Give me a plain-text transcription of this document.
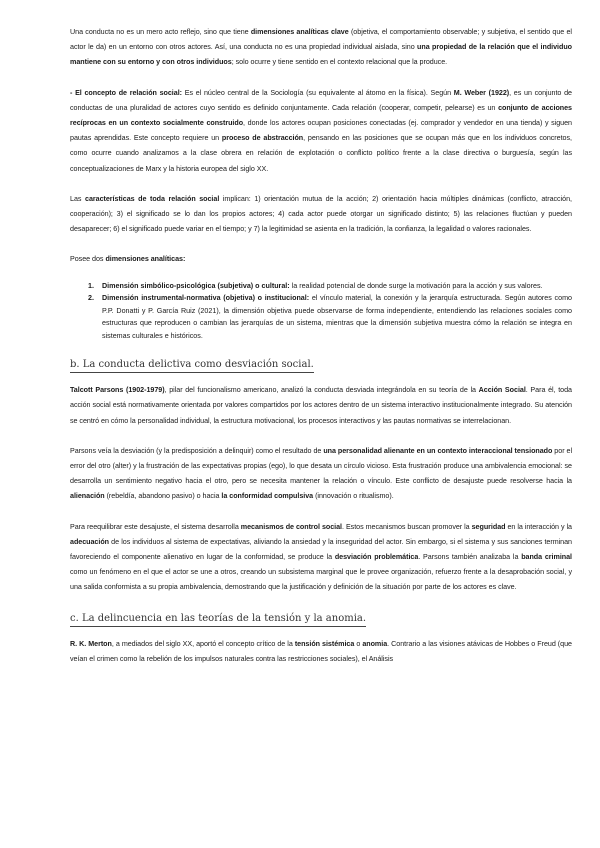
Una conducta no es un mero acto reflejo, sino que tiene dimensiones analíticas clave (objetiva, el comportamiento observable; y subjetiva, el sentido que el actor le da) en un entorno con otros actores. Así, una conducta no es una propiedad individual aislada, sino una propiedad de la relación que el individuo mantiene con su entorno y con otros individuos; solo ocurre y tiene sentido en el contexto relacional que la produce.

- El concepto de relación social: Es el núcleo central de la Sociología (su equivalente al átomo en la física). Según M. Weber (1922), es un conjunto de conductas de una pluralidad de actores cuyo sentido es definido conjuntamente. Cada relación (cooperar, competir, pelearse) es un conjunto de acciones recíprocas en un contexto socialmente construido, donde los actores ocupan posiciones conectadas (ej. comprador y vendedor en una tienda) y siguen pautas aprendidas. Este concepto requiere un proceso de abstracción, pensando en las posiciones que se ocupan más que en los individuos concretos, como ocurre cuando analizamos a la clase obrera en relación de explotación o conflicto político frente a la clase directiva o burguesía, según las conceptualizaciones de Marx y la historia europea del siglo XX.

Las características de toda relación social implican: 1) orientación mutua de la acción; 2) orientación hacia múltiples dinámicas (conflicto, atracción, cooperación); 3) el significado se lo dan los propios actores; 4) cada actor puede otorgar un significado distinto; 5) las relaciones fluctúan y pueden desaparecer; 6) el significado puede variar en el tiempo; y 7) la legitimidad se asienta en la tradición, la confianza, la legalidad o valores racionales.

Posee dos dimensiones analíticas:

1. Dimensión simbólico-psicológica (subjetiva) o cultural: la realidad potencial de donde surge la motivación para la acción y sus valores.
2. Dimensión instrumental-normativa (objetiva) o institucional: el vínculo material, la conexión y la jerarquía estructurada. Según autores como P.P. Donatti y P. García Ruiz (2021), la dimensión objetiva puede observarse de forma independiente, entendiendo las relaciones sociales como estructuras que reproducen o cambian las jerarquías de un sistema, mientras que la dimensión subjetiva muestra cómo la relación se integra en sistemas culturales e históricos.
b. La conducta delictiva como desviación social.

Talcott Parsons (1902-1979), pilar del funcionalismo americano, analizó la conducta desviada integrándola en su teoría de la Acción Social. Para él, toda acción social está normativamente orientada por valores compartidos por los actores dentro de un sistema interactivo institucionalmente integrado. Su atención se centró en cómo la personalidad individual, la estructura motivacional, los procesos interactivos y las pautas normativas se interrelacionan.

Parsons veía la desviación (y la predisposición a delinquir) como el resultado de una personalidad alienante en un contexto interaccional tensionado por el error del otro (alter) y la frustración de las expectativas propias (ego), lo que desata un círculo vicioso. Esta frustración produce una ambivalencia emocional: se desarrolla un sentimiento negativo hacia el otro, pero se necesita mantener la relación o vínculo. Este conflicto de desajuste puede resolverse hacia la alienación (rebeldía, abandono pasivo) o hacia la conformidad compulsiva (innovación o ritualismo).

Para reequilibrar este desajuste, el sistema desarrolla mecanismos de control social. Estos mecanismos buscan promover la seguridad en la interacción y la adecuación de los individuos al sistema de expectativas, aliviando la ansiedad y la inseguridad del actor. Sin embargo, si el sistema y sus sanciones terminan favoreciendo el componente alienativo en lugar de la conformidad, se produce la desviación problemática. Parsons también analizaba la banda criminal como un fenómeno en el que el actor se une a otros, creando un subsistema marginal que le provee organización, refuerzo frente a la desaprobación social, y una salida conformista a su propia ambivalencia, demostrando que la justificación y definición de la situación por parte de los actores es clave.

c. La delincuencia en las teorías de la tensión y la anomia.

R. K. Merton, a mediados del siglo XX, aportó el concepto crítico de la tensión sistémica o anomia. Contrario a las visiones atávicas de Hobbes o Freud (que veían el crimen como la rebelión de los impulsos naturales contra las restricciones sociales), el Análisis
